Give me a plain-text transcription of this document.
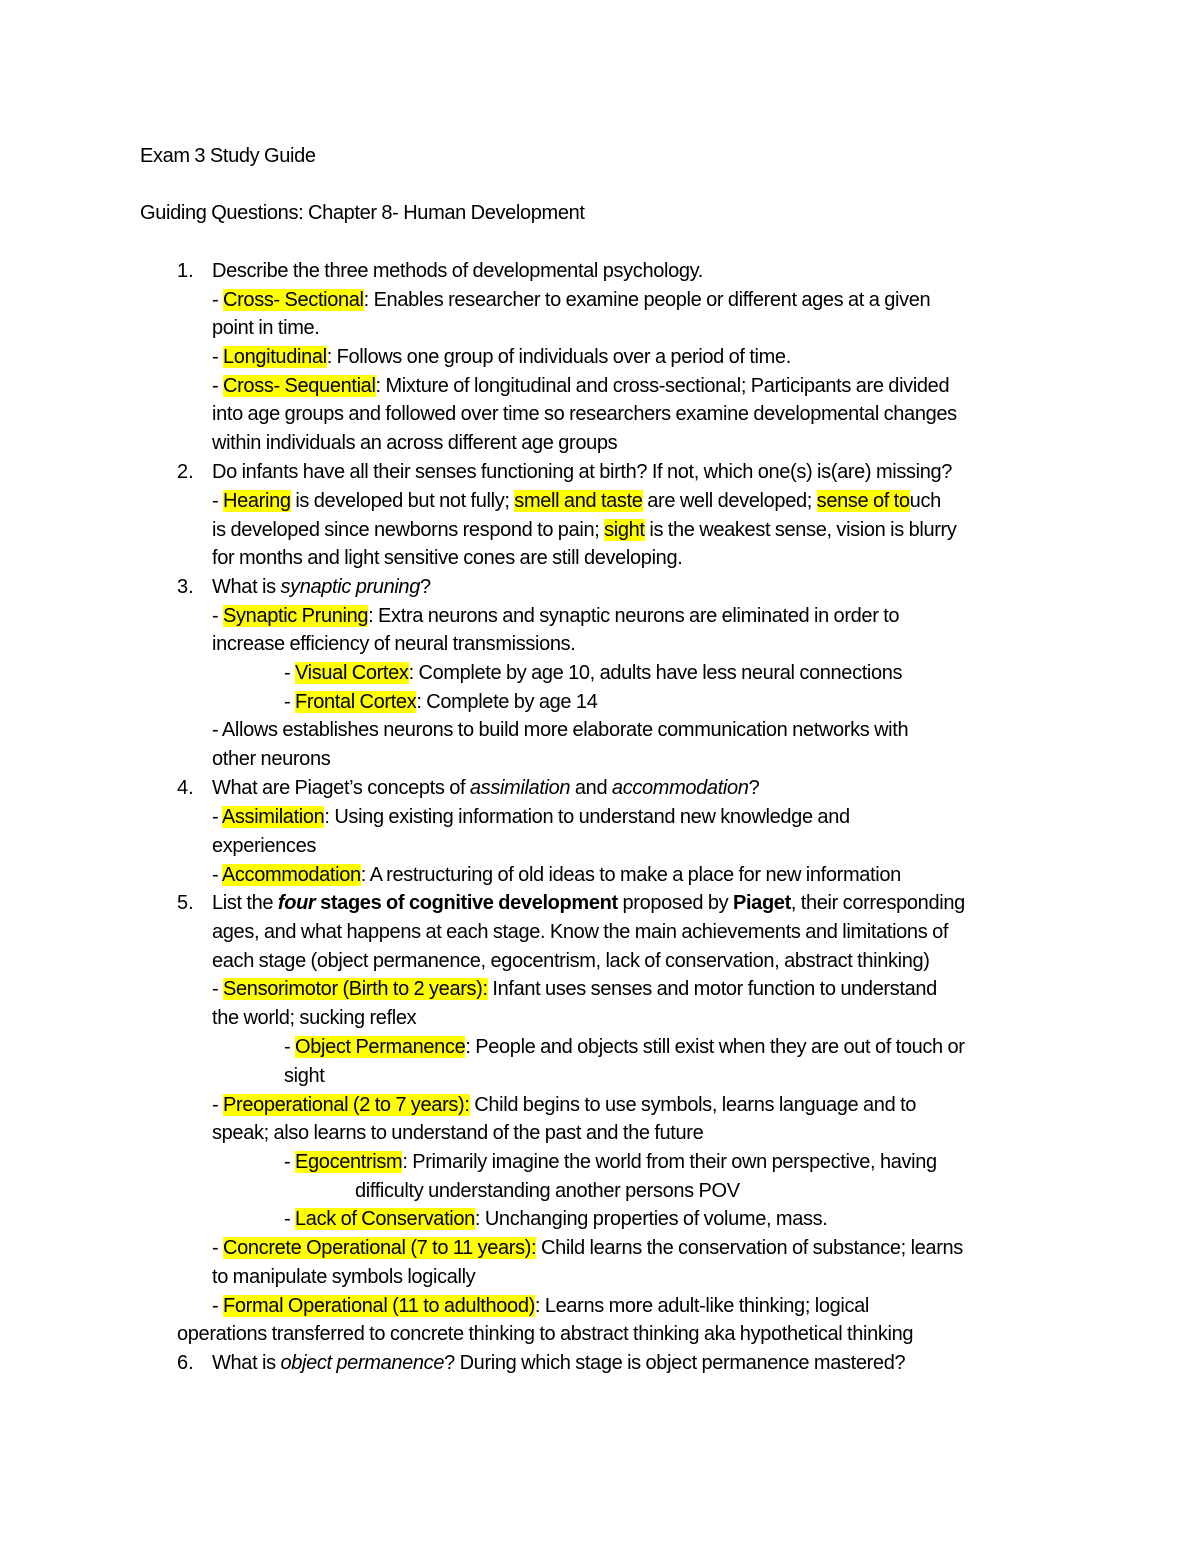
Exam 3 Study Guide
Guiding Questions: Chapter 8- Human Development
1. Describe the three methods of developmental psychology.
- Cross- Sectional: Enables researcher to examine people or different ages at a given
point in time.
- Longitudinal: Follows one group of individuals over a period of time.
- Cross- Sequential: Mixture of longitudinal and cross-sectional; Participants are divided
into age groups and followed over time so researchers examine developmental changes
within individuals an across different age groups
2. Do infants have all their senses functioning at birth? If not, which one(s) is(are) missing?
- Hearing is developed but not fully; smell and taste are well developed; sense of touch
is developed since newborns respond to pain; sight is the weakest sense, vision is blurry
for months and light sensitive cones are still developing.
3. What is synaptic pruning?
- Synaptic Pruning: Extra neurons and synaptic neurons are eliminated in order to
increase efficiency of neural transmissions.
- Visual Cortex: Complete by age 10, adults have less neural connections
- Frontal Cortex: Complete by age 14
- Allows establishes neurons to build more elaborate communication networks with
other neurons
4. What are Piaget’s concepts of assimilation and accommodation?
- Assimilation: Using existing information to understand new knowledge and
experiences
- Accommodation: A restructuring of old ideas to make a place for new information
5. List the four stages of cognitive development proposed by Piaget, their corresponding
ages, and what happens at each stage. Know the main achievements and limitations of
each stage (object permanence, egocentrism, lack of conservation, abstract thinking)
- Sensorimotor (Birth to 2 years): Infant uses senses and motor function to understand
the world; sucking reflex
- Object Permanence: People and objects still exist when they are out of touch or
sight
- Preoperational (2 to 7 years): Child begins to use symbols, learns language and to
speak; also learns to understand of the past and the future
- Egocentrism: Primarily imagine the world from their own perspective, having
difficulty understanding another persons POV
- Lack of Conservation: Unchanging properties of volume, mass.
- Concrete Operational (7 to 11 years): Child learns the conservation of substance; learns
to manipulate symbols logically
- Formal Operational (11 to adulthood): Learns more adult-like thinking; logical
operations transferred to concrete thinking to abstract thinking aka hypothetical thinking
6. What is object permanence? During which stage is object permanence mastered?
